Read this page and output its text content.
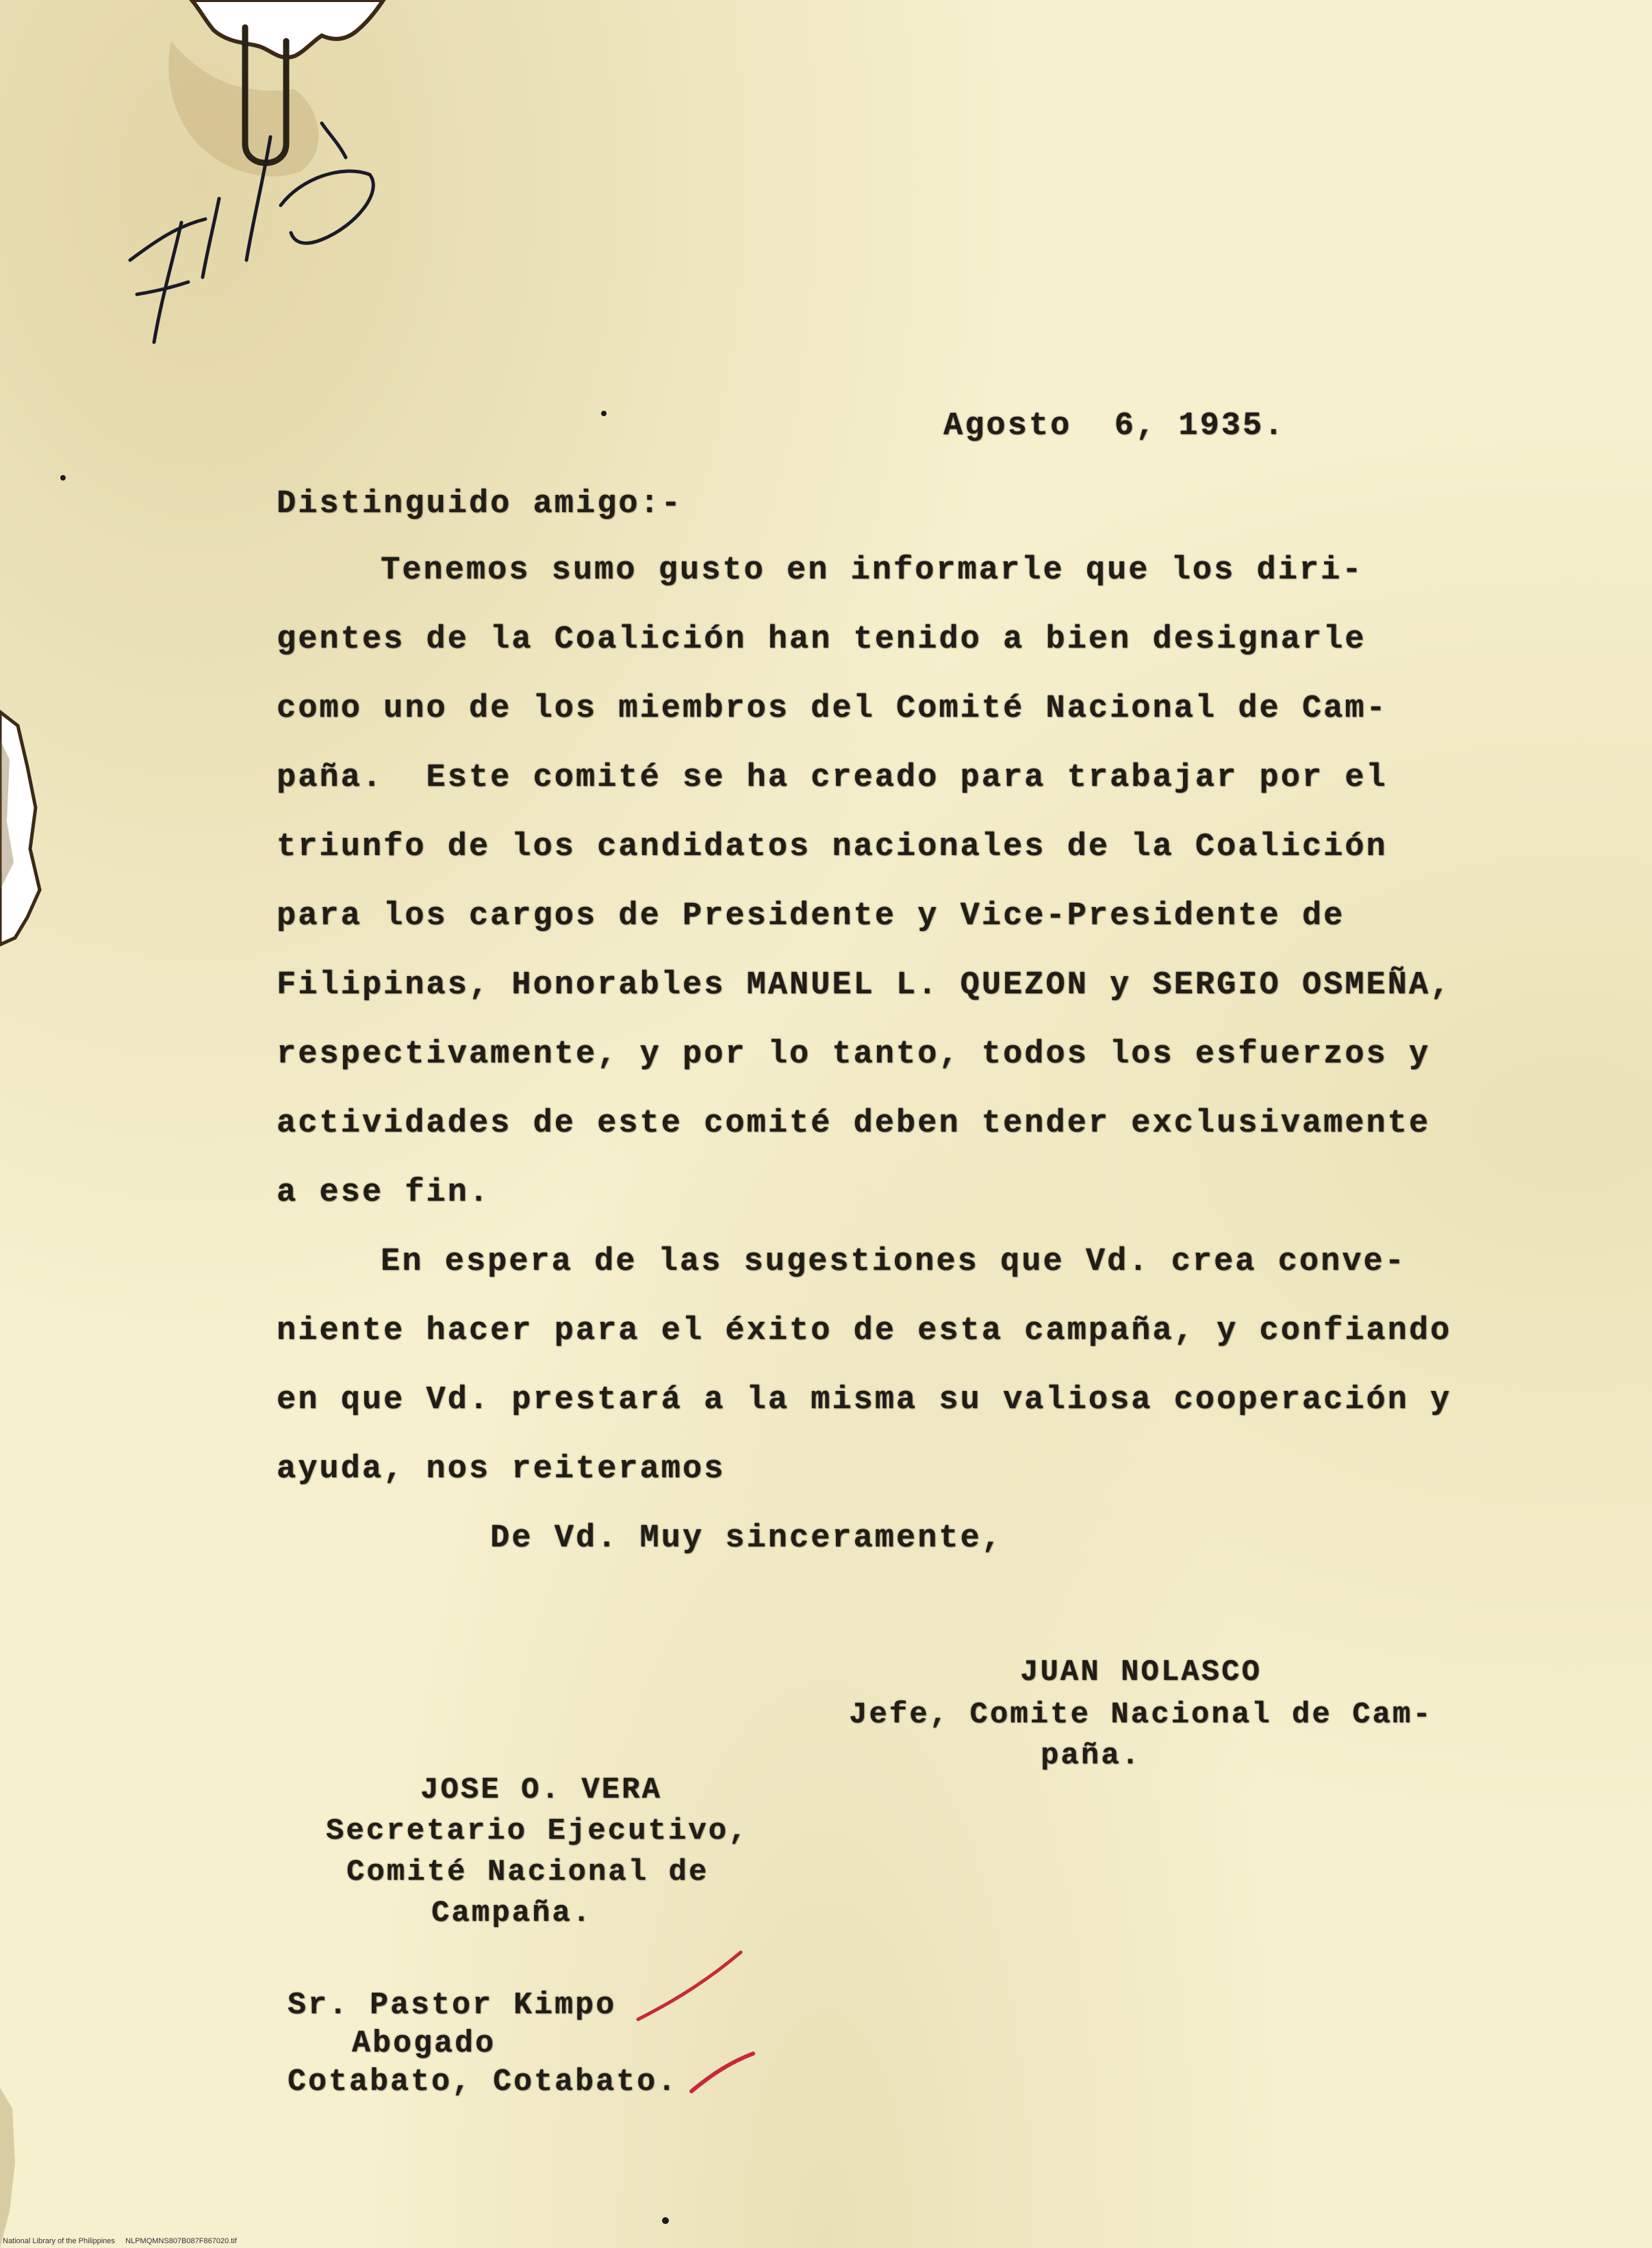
Agosto  6, 1935.
Distinguido amigo:-
Tenemos sumo gusto en informarle que los diri-
gentes de la Coalición han tenido a bien designarle
como uno de los miembros del Comité Nacional de Cam-
paña.  Este comité se ha creado para trabajar por el
triunfo de los candidatos nacionales de la Coalición
para los cargos de Presidente y Vice-Presidente de
Filipinas, Honorables MANUEL L. QUEZON y SERGIO OSMEÑA,
respectivamente, y por lo tanto, todos los esfuerzos y
actividades de este comité deben tender exclusivamente
a ese fin.
En espera de las sugestiones que Vd. crea conve-
niente hacer para el éxito de esta campaña, y confiando
en que Vd. prestará a la misma su valiosa cooperación y
ayuda, nos reiteramos
De Vd. Muy sinceramente,
JUAN NOLASCO
Jefe, Comite Nacional de Cam-
paña.
JOSE O. VERA
Secretario Ejecutivo,
Comité Nacional de
Campaña.
Sr. Pastor Kimpo
Abogado
Cotabato, Cotabato.
National Library of the Philippines     NLPMQMNS807B087F867020.tif
